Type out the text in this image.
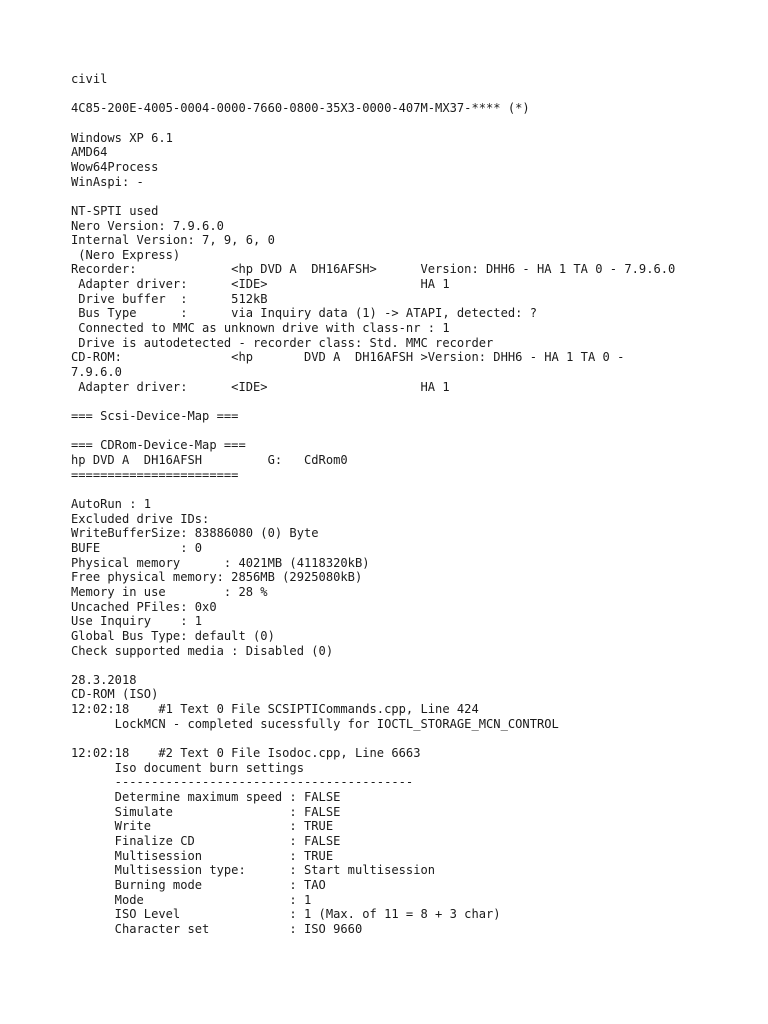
civil
4C85-200E-4005-0004-0000-7660-0800-35X3-0000-407M-MX37-**** (*)
Windows XP 6.1
AMD64
Wow64Process
WinAspi: -
NT-SPTI used
Nero Version: 7.9.6.0
Internal Version: 7, 9, 6, 0
(Nero Express)
Recorder:             <hp DVD A  DH16AFSH>      Version: DHH6 - HA 1 TA 0 - 7.9.6.0
Adapter driver:      <IDE>                     HA 1
Drive buffer  :      512kB
Bus Type      :      via Inquiry data (1) -> ATAPI, detected: ?
Connected to MMC as unknown drive with class-nr : 1
Drive is autodetected - recorder class: Std. MMC recorder
CD-ROM:               <hp       DVD A  DH16AFSH >Version: DHH6 - HA 1 TA 0 -
7.9.6.0
Adapter driver:      <IDE>                     HA 1
=== Scsi-Device-Map ===
=== CDRom-Device-Map ===
hp DVD A  DH16AFSH         G:   CdRom0
=======================
AutoRun : 1
Excluded drive IDs:
WriteBufferSize: 83886080 (0) Byte
BUFE           : 0
Physical memory      : 4021MB (4118320kB)
Free physical memory: 2856MB (2925080kB)
Memory in use        : 28 %
Uncached PFiles: 0x0
Use Inquiry    : 1
Global Bus Type: default (0)
Check supported media : Disabled (0)
28.3.2018
CD-ROM (ISO)
12:02:18    #1 Text 0 File SCSIPTICommands.cpp, Line 424
LockMCN - completed sucessfully for IOCTL_STORAGE_MCN_CONTROL
12:02:18    #2 Text 0 File Isodoc.cpp, Line 6663
Iso document burn settings
-----------------------------------------
Determine maximum speed : FALSE
Simulate                : FALSE
Write                   : TRUE
Finalize CD             : FALSE
Multisession            : TRUE
Multisession type:      : Start multisession
Burning mode            : TAO
Mode                    : 1
ISO Level               : 1 (Max. of 11 = 8 + 3 char)
Character set           : ISO 9660
